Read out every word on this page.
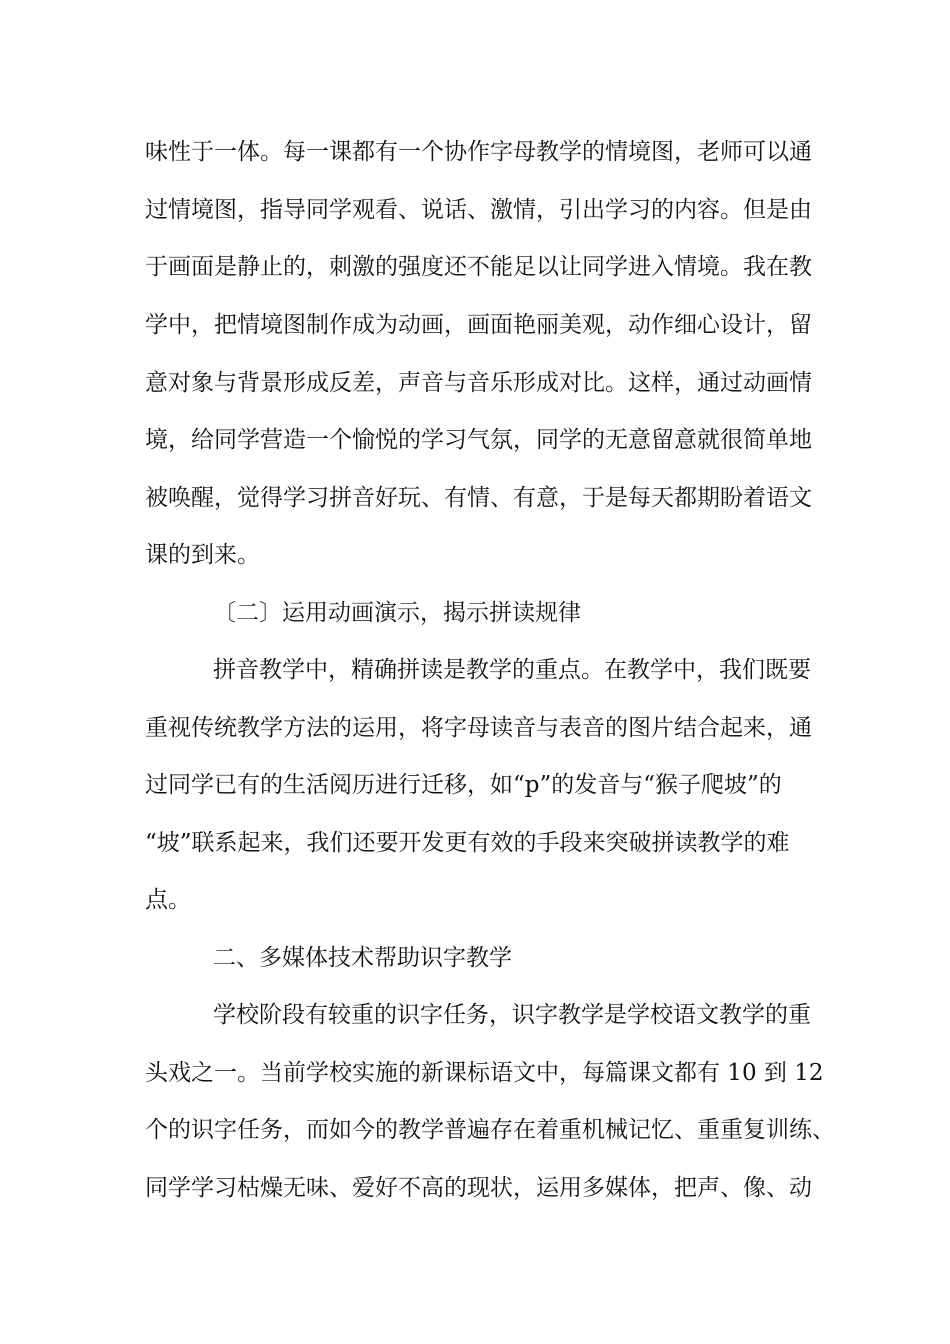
味性于一体。每一课都有一个协作字母教学的情境图，老师可以通
过情境图，指导同学观看、说话、激情，引出学习的内容。但是由
于画面是静止的，刺激的强度还不能足以让同学进入情境。我在教
学中，把情境图制作成为动画，画面艳丽美观，动作细心设计，留
意对象与背景形成反差，声音与音乐形成对比。这样，通过动画情
境，给同学营造一个愉悦的学习气氛，同学的无意留意就很简单地
被唤醒，觉得学习拼音好玩、有情、有意，于是每天都期盼着语文
课的到来。
〔二〕运用动画演示，揭示拼读规律
拼音教学中，精确拼读是教学的重点。在教学中，我们既要
重视传统教学方法的运用，将字母读音与表音的图片结合起来，通
过同学已有的生活阅历进行迁移，如“p”的发音与“猴子爬坡”的
“坡”联系起来，我们还要开发更有效的手段来突破拼读教学的难
点。
二、多媒体技术帮助识字教学
学校阶段有较重的识字任务，识字教学是学校语文教学的重
头戏之一。当前学校实施的新课标语文中，每篇课文都有 10 到 12
个的识字任务，而如今的教学普遍存在着重机械记忆、重重复训练、
同学学习枯燥无味、爱好不高的现状，运用多媒体，把声、像、动
